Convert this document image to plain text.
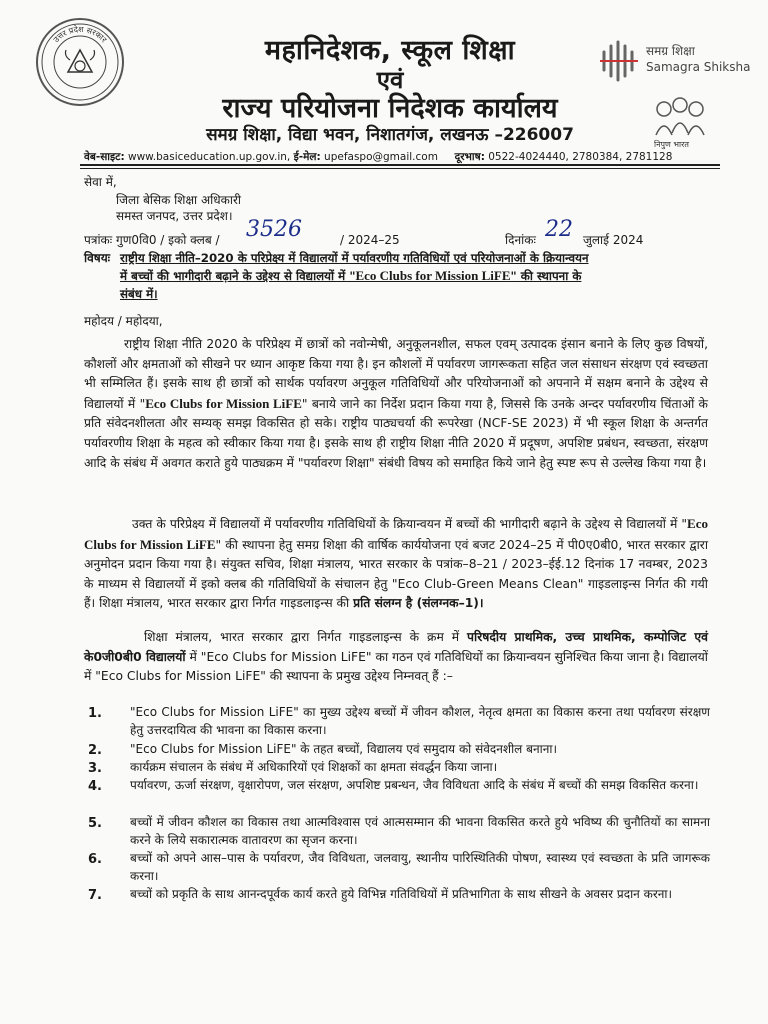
उत्तर प्रदेश सरकार	महानिदेशक, स्कूल शिक्षा
एवं
राज्य परियोजना निदेशक कार्यालय
समग्र शिक्षा, विद्या भवन, निशातगंज, लखनऊ –226007
समग्र शिक्षा
Samagra Shiksha
निपुण भारत
वेब-साइट: www.basiceducation.up.gov.in, ई-मेल: upefaspo@gmail.com दूरभाष: 0522-4024440, 2780384, 2781128
सेवा में,
जिला बेसिक शिक्षा अधिकारी
समस्त जनपद, उत्तर प्रदेश।
पत्रांकः गुण0वि0 / इको क्लब / 3526	/ 2024–25	दिनांकः 22 जुलाई 2024
विषयः राष्ट्रीय शिक्षा नीति–2020 के परिप्रेक्ष्य में विद्यालयों में पर्यावरणीय गतिविधियों एवं परियोजनाओं के क्रियान्वयन
में बच्चों की भागीदारी बढ़ाने के उद्देश्य से विद्यालयों में "Eco Clubs for Mission LiFE" की स्थापना के
संबंध में।
महोदय / महोदया,
राष्ट्रीय शिक्षा नीति 2020 के परिप्रेक्ष्य में छात्रों को नवोन्मेषी, अनुकूलनशील, सफल एवम् उत्पादक इंसान बनाने के लिए कुछ विषयों, कौशलों और क्षमताओं को सीखने पर ध्यान आकृष्ट किया गया है। इन कौशलों में पर्यावरण जागरूकता सहित जल संसाधन संरक्षण एवं स्वच्छता भी सम्मिलित हैं। इसके साथ ही छात्रों को सार्थक पर्यावरण अनुकूल गतिविधियों और परियोजनाओं को अपनाने में सक्षम बनाने के उद्देश्य से विद्यालयों में "Eco Clubs for Mission LiFE" बनाये जाने का निर्देश प्रदान किया गया है, जिससे कि उनके अन्दर पर्यावरणीय चिंताओं के प्रति संवेदनशीलता और सम्यक् समझ विकसित हो सके। राष्ट्रीय पाठ्यचर्या की रूपरेखा (NCF-SE 2023) में भी स्कूल शिक्षा के अन्तर्गत पर्यावरणीय शिक्षा के महत्व को स्वीकार किया गया है। इसके साथ ही राष्ट्रीय शिक्षा नीति 2020 में प्रदूषण, अपशिष्ट प्रबंधन, स्वच्छता, संरक्षण आदि के संबंध में अवगत कराते हुये पाठ्यक्रम में "पर्यावरण शिक्षा" संबंधी विषय को समाहित किये जाने हेतु स्पष्ट रूप से उल्लेख किया गया है।
उक्त के परिप्रेक्ष्य में विद्यालयों में पर्यावरणीय गतिविधियों के क्रियान्वयन में बच्चों की भागीदारी बढ़ाने के उद्देश्य से विद्यालयों में "Eco Clubs for Mission LiFE" की स्थापना हेतु समग्र शिक्षा की वार्षिक कार्ययोजना एवं बजट 2024–25 में पी0ए0बी0, भारत सरकार द्वारा अनुमोदन प्रदान किया गया है। संयुक्त सचिव, शिक्षा मंत्रालय, भारत सरकार के पत्रांक–8–21 / 2023–ईई.12 दिनांक 17 नवम्बर, 2023 के माध्यम से विद्यालयों में इको क्लब की गतिविधियों के संचालन हेतु "Eco Club-Green Means Clean" गाइडलाइन्स निर्गत की गयी हैं। शिक्षा मंत्रालय, भारत सरकार द्वारा निर्गत गाइडलाइन्स की प्रति संलग्न है (संलग्नक–1)।
शिक्षा मंत्रालय, भारत सरकार द्वारा निर्गत गाइडलाइन्स के क्रम में परिषदीय प्राथमिक, उच्च प्राथमिक, कम्पोजिट एवं के0जी0बी0 विद्यालयों में "Eco Clubs for Mission LiFE" का गठन एवं गतिविधियों का क्रियान्वयन सुनिश्चित किया जाना है। विद्यालयों में "Eco Clubs for Mission LiFE" की स्थापना के प्रमुख उद्देश्य निम्नवत् हैं :–
1. "Eco Clubs for Mission LiFE" का मुख्य उद्देश्य बच्चों में जीवन कौशल, नेतृत्व क्षमता का विकास करना तथा पर्यावरण संरक्षण हेतु उत्तरदायित्व की भावना का विकास करना।
2. "Eco Clubs for Mission LiFE" के तहत बच्चों, विद्यालय एवं समुदाय को संवेदनशील बनाना।
3. कार्यक्रम संचालन के संबंध में अधिकारियों एवं शिक्षकों का क्षमता संवर्द्धन किया जाना।
4. पर्यावरण, ऊर्जा संरक्षण, वृक्षारोपण, जल संरक्षण, अपशिष्ट प्रबन्धन, जैव विविधता आदि के संबंध में बच्चों की समझ विकसित करना।
5. बच्चों में जीवन कौशल का विकास तथा आत्मविश्वास एवं आत्मसम्मान की भावना विकसित करते हुये भविष्य की चुनौतियों का सामना करने के लिये सकारात्मक वातावरण का सृजन करना।
6. बच्चों को अपने आस–पास के पर्यावरण, जैव विविधता, जलवायु, स्थानीय पारिस्थितिकी पोषण, स्वास्थ्य एवं स्वच्छता के प्रति जागरूक करना।
7. बच्चों को प्रकृति के साथ आनन्दपूर्वक कार्य करते हुये विभिन्न गतिविधियों में प्रतिभागिता के साथ सीखने के अवसर प्रदान करना।
